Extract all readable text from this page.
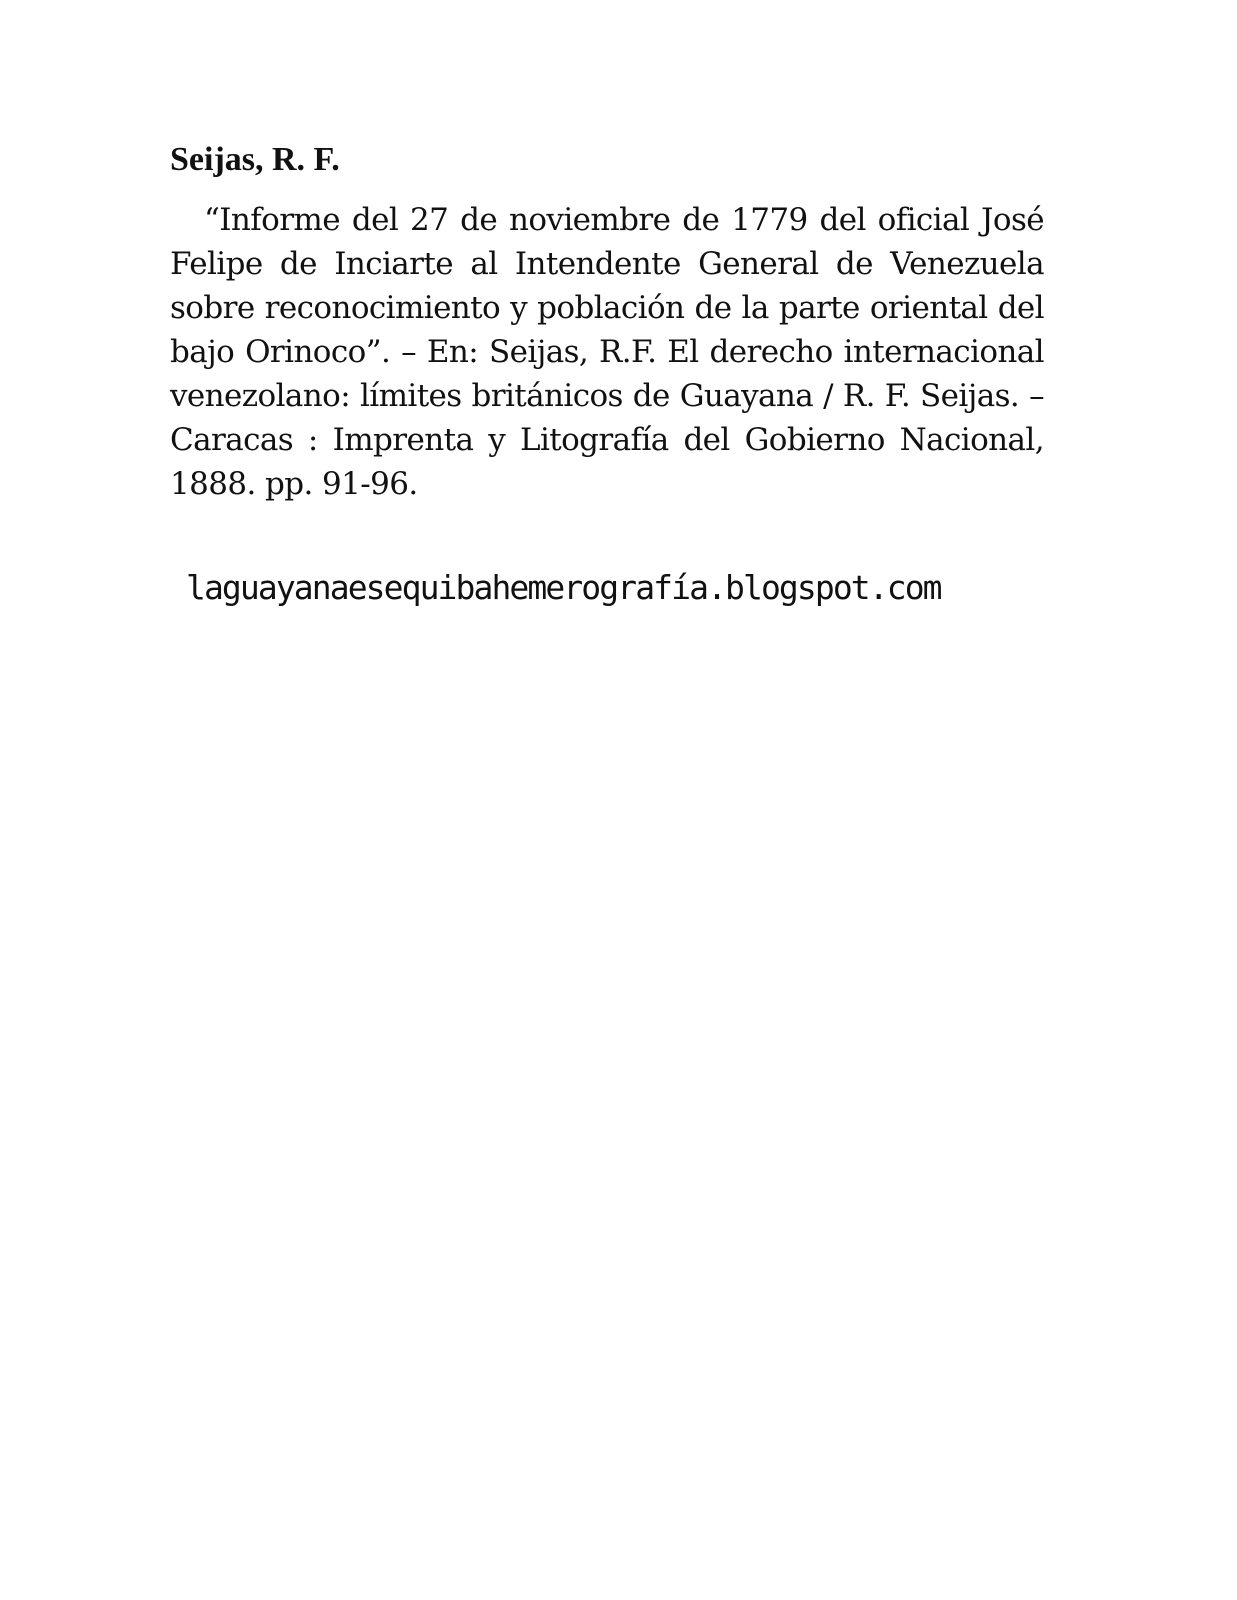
Seijas, R. F.

“Informe del 27 de noviembre de 1779 del oficial José Felipe de Inciarte al Intendente General de Venezuela sobre reconocimiento y población de la parte oriental del bajo Orinoco”. – En: Seijas, R.F. El derecho internacional venezolano: límites británicos de Guayana / R. F. Seijas. – Caracas : Imprenta y Litografía del Gobierno Nacional, 1888. pp. 91-96.

laguayanaesequibahemerografía.blogspot.com
